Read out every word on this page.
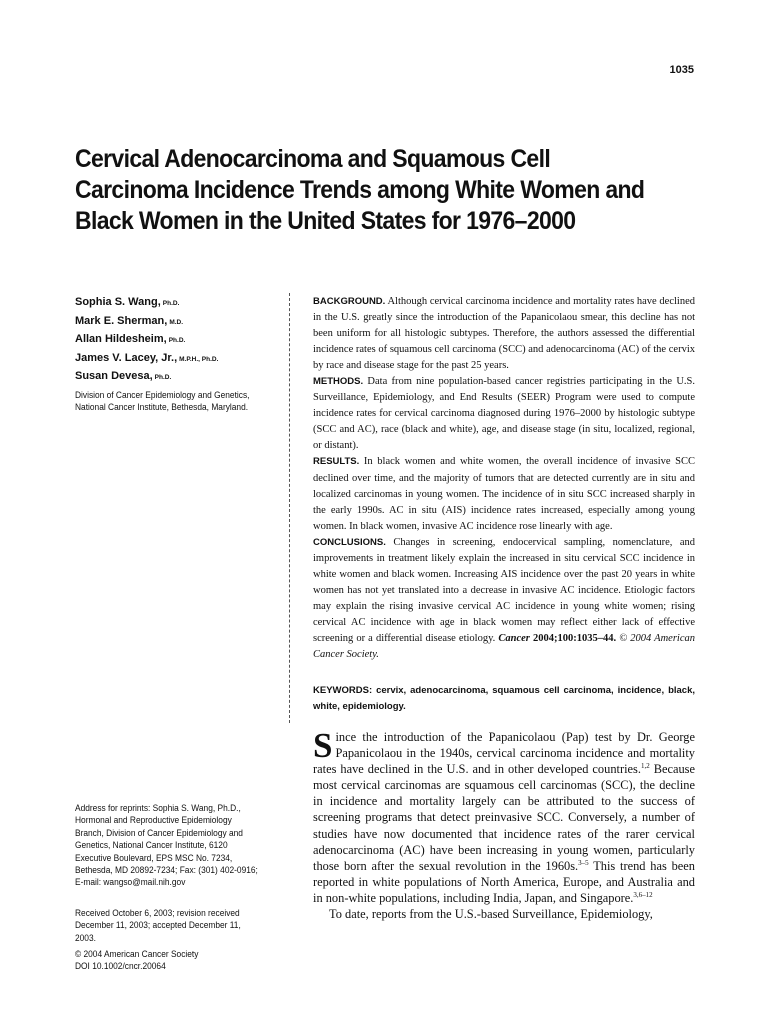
1035
Cervical Adenocarcinoma and Squamous Cell Carcinoma Incidence Trends among White Women and Black Women in the United States for 1976–2000
Sophia S. Wang, Ph.D.
Mark E. Sherman, M.D.
Allan Hildesheim, Ph.D.
James V. Lacey, Jr., M.P.H., Ph.D.
Susan Devesa, Ph.D.
Division of Cancer Epidemiology and Genetics, National Cancer Institute, Bethesda, Maryland.
Address for reprints: Sophia S. Wang, Ph.D., Hormonal and Reproductive Epidemiology Branch, Division of Cancer Epidemiology and Genetics, National Cancer Institute, 6120 Executive Boulevard, EPS MSC No. 7234, Bethesda, MD 20892-7234; Fax: (301) 402-0916; E-mail: wangso@mail.nih.gov
Received October 6, 2003; revision received December 11, 2003; accepted December 11, 2003.
© 2004 American Cancer Society
DOI 10.1002/cncr.20064

BACKGROUND. Although cervical carcinoma incidence and mortality rates have declined in the U.S. greatly since the introduction of the Papanicolaou smear, this decline has not been uniform for all histologic subtypes. Therefore, the authors assessed the differential incidence rates of squamous cell carcinoma (SCC) and adenocarcinoma (AC) of the cervix by race and disease stage for the past 25 years.

METHODS. Data from nine population-based cancer registries participating in the U.S. Surveillance, Epidemiology, and End Results (SEER) Program were used to compute incidence rates for cervical carcinoma diagnosed during 1976–2000 by histologic subtype (SCC and AC), race (black and white), age, and disease stage (in situ, localized, regional, or distant).

RESULTS. In black women and white women, the overall incidence of invasive SCC declined over time, and the majority of tumors that are detected currently are in situ and localized carcinomas in young women. The incidence of in situ SCC increased sharply in the early 1990s. AC in situ (AIS) incidence rates increased, especially among young women. In black women, invasive AC incidence rose linearly with age.

CONCLUSIONS. Changes in screening, endocervical sampling, nomenclature, and improvements in treatment likely explain the increased in situ cervical SCC incidence in white women and black women. Increasing AIS incidence over the past 20 years in white women has not yet translated into a decrease in invasive AC incidence. Etiologic factors may explain the rising invasive cervical AC incidence in young white women; rising cervical AC incidence with age in black women may reflect either lack of effective screening or a differential disease etiology. Cancer 2004;100:1035–44. © 2004 American Cancer Society.

KEYWORDS: cervix, adenocarcinoma, squamous cell carcinoma, incidence, black, white, epidemiology.

Since the introduction of the Papanicolaou (Pap) test by Dr. George Papanicolaou in the 1940s, cervical carcinoma incidence and mortality rates have declined in the U.S. and in other developed countries.$^{1,2}$ Because most cervical carcinomas are squamous cell carcinomas (SCC), the decline in incidence and mortality largely can be attributed to the success of screening programs that detect preinvasive SCC. Conversely, a number of studies have now documented that incidence rates of the rarer cervical adenocarcinoma (AC) have been increasing in young women, particularly those born after the sexual revolution in the 1960s.$^{3-5}$ This trend has been reported in white populations of North America, Europe, and Australia and in non-white populations, including India, Japan, and Singapore.$^{3,6-12}$

To date, reports from the U.S.-based Surveillance, Epidemiology,
